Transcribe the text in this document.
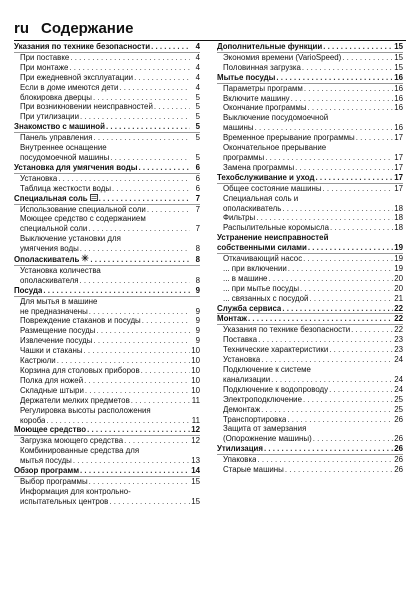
ru Содержание
Указания по технике безопасности . . .	4
При поставке . . .	4
При монтаже . . .	4
При ежедневной эксплуатации . . .	4
Если в доме имеются дети . . .	4
блокировка дверцы . . .	5
При возникновении неисправностей . . .	5
При утилизации . . .	5
Знакомство с машиной . . .	5
Панель управления . . .	5
Внутреннее оснащение
посудомоечной машины . . .	5
Установка для умягчения воды . . .	6
Установка . . .	6
Таблица жесткости воды . . .	6
Специальная соль . . .	7
Использование специальной соли . . .	7
Моющее средство с содержанием
специальной соли . . .	7
Выключение установки для
умягчения воды . . .	8
Ополаскиватель . . .	8
Установка количества
ополаскивателя . . .	8
Посуда . . .	9
Для мытья в машине
не предназначены . . .	9
Повреждение стаканов и посуды . . .	9
Размещение посуды . . .	9
Извлечение посуды . . .	9
Чашки и стаканы . . .	10
Кастрюли . . .	10
Корзина для столовых приборов . . .	10
Полка для ножей . . .	10
Складные штыри . . .	10
Держатели мелких предметов . . .	11
Регулировка высоты расположения
короба . . .	11
Моющее средство . . .	12
Загрузка моющего средства . . .	12
Комбинированные средства для
мытья посуды . . .	13
Обзор программ . . .	14
Выбор программы . . .	15
Информация для контрольно-
испытательных центров . . .	15
Дополнительные функции . . .	15
Экономия времени (VarioSpeed) . . .	15
Половинная загрузка . . .	15
Мытье посуды . . .	16
Параметры программ . . .	16
Включите машину . . .	16
Окончание программы . . .	16
Выключение посудомоечной
машины . . .	16
Временное прерывание программы . . .	17
Окончательное прерывание
программы . . .	17
Замена программы . . .	17
Техобслуживание и уход . . .	17
Общее состояние машины . . .	17
Специальная соль и
ополаскиватель . . .	18
Фильтры . . .	18
Распылительные коромысла . . .	18
Устранение неисправностей
собственными силами . . .	19
Откачивающий насос . . .	19
... при включении . . .	19
... в машине . . .	20
... при мытье посуды . . .	20
... связанных с посудой . . .	21
Служба сервиса . . .	22
Монтаж . . .	22
Указания по технике безопасности . . .	22
Поставка . . .	23
Технические характеристики . . .	23
Установка . . .	24
Подключение к системе
канализации . . .	24
Подключение к водопроводу . . .	24
Электроподключение . . .	25
Демонтаж . . .	25
Транспортировка . . .	26
Защита от замерзания
(Опорожнение машины) . . .	26
Утилизация . . .	26
Упаковка . . .	26
Старые машины . . .	26
